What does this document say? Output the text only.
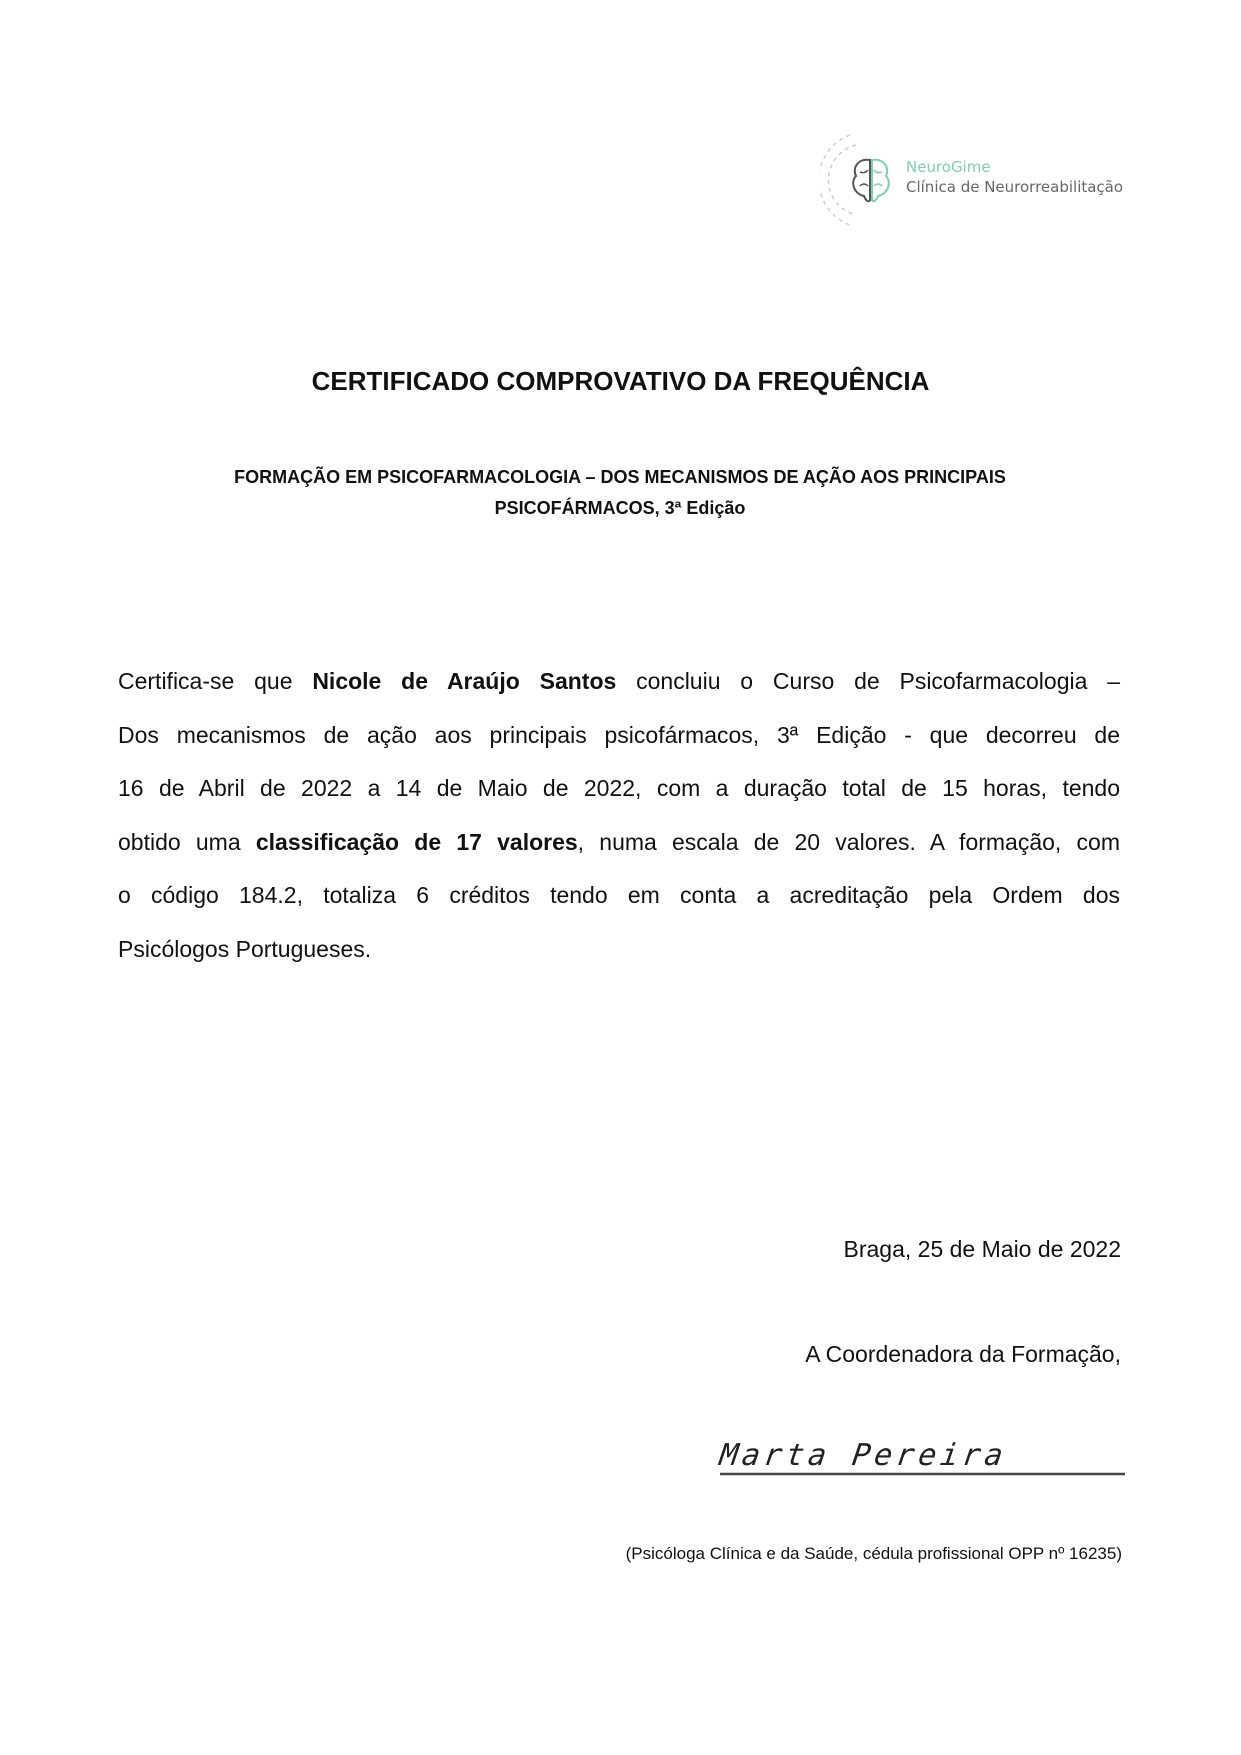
NeuroGime
Clínica de Neurorreabilitação
CERTIFICADO COMPROVATIVO DA FREQUÊNCIA
FORMAÇÃO EM PSICOFARMACOLOGIA – DOS MECANISMOS DE AÇÃO AOS PRINCIPAIS
PSICOFÁRMACOS, 3ª Edição
Certifica-se que Nicole de Araújo Santos concluiu o Curso de Psicofarmacologia –
Dos mecanismos de ação aos principais psicofármacos, 3ª Edição - que decorreu de
16 de Abril de 2022 a 14 de Maio de 2022, com a duração total de 15 horas, tendo
obtido uma classificação de 17 valores, numa escala de 20 valores. A formação, com
o código 184.2, totaliza 6 créditos tendo em conta a acreditação pela Ordem dos
Psicólogos Portugueses.
Braga, 25 de Maio de 2022
A Coordenadora da Formação,
Marta Pereira
(Psicóloga Clínica e da Saúde, cédula profissional OPP nº 16235)
